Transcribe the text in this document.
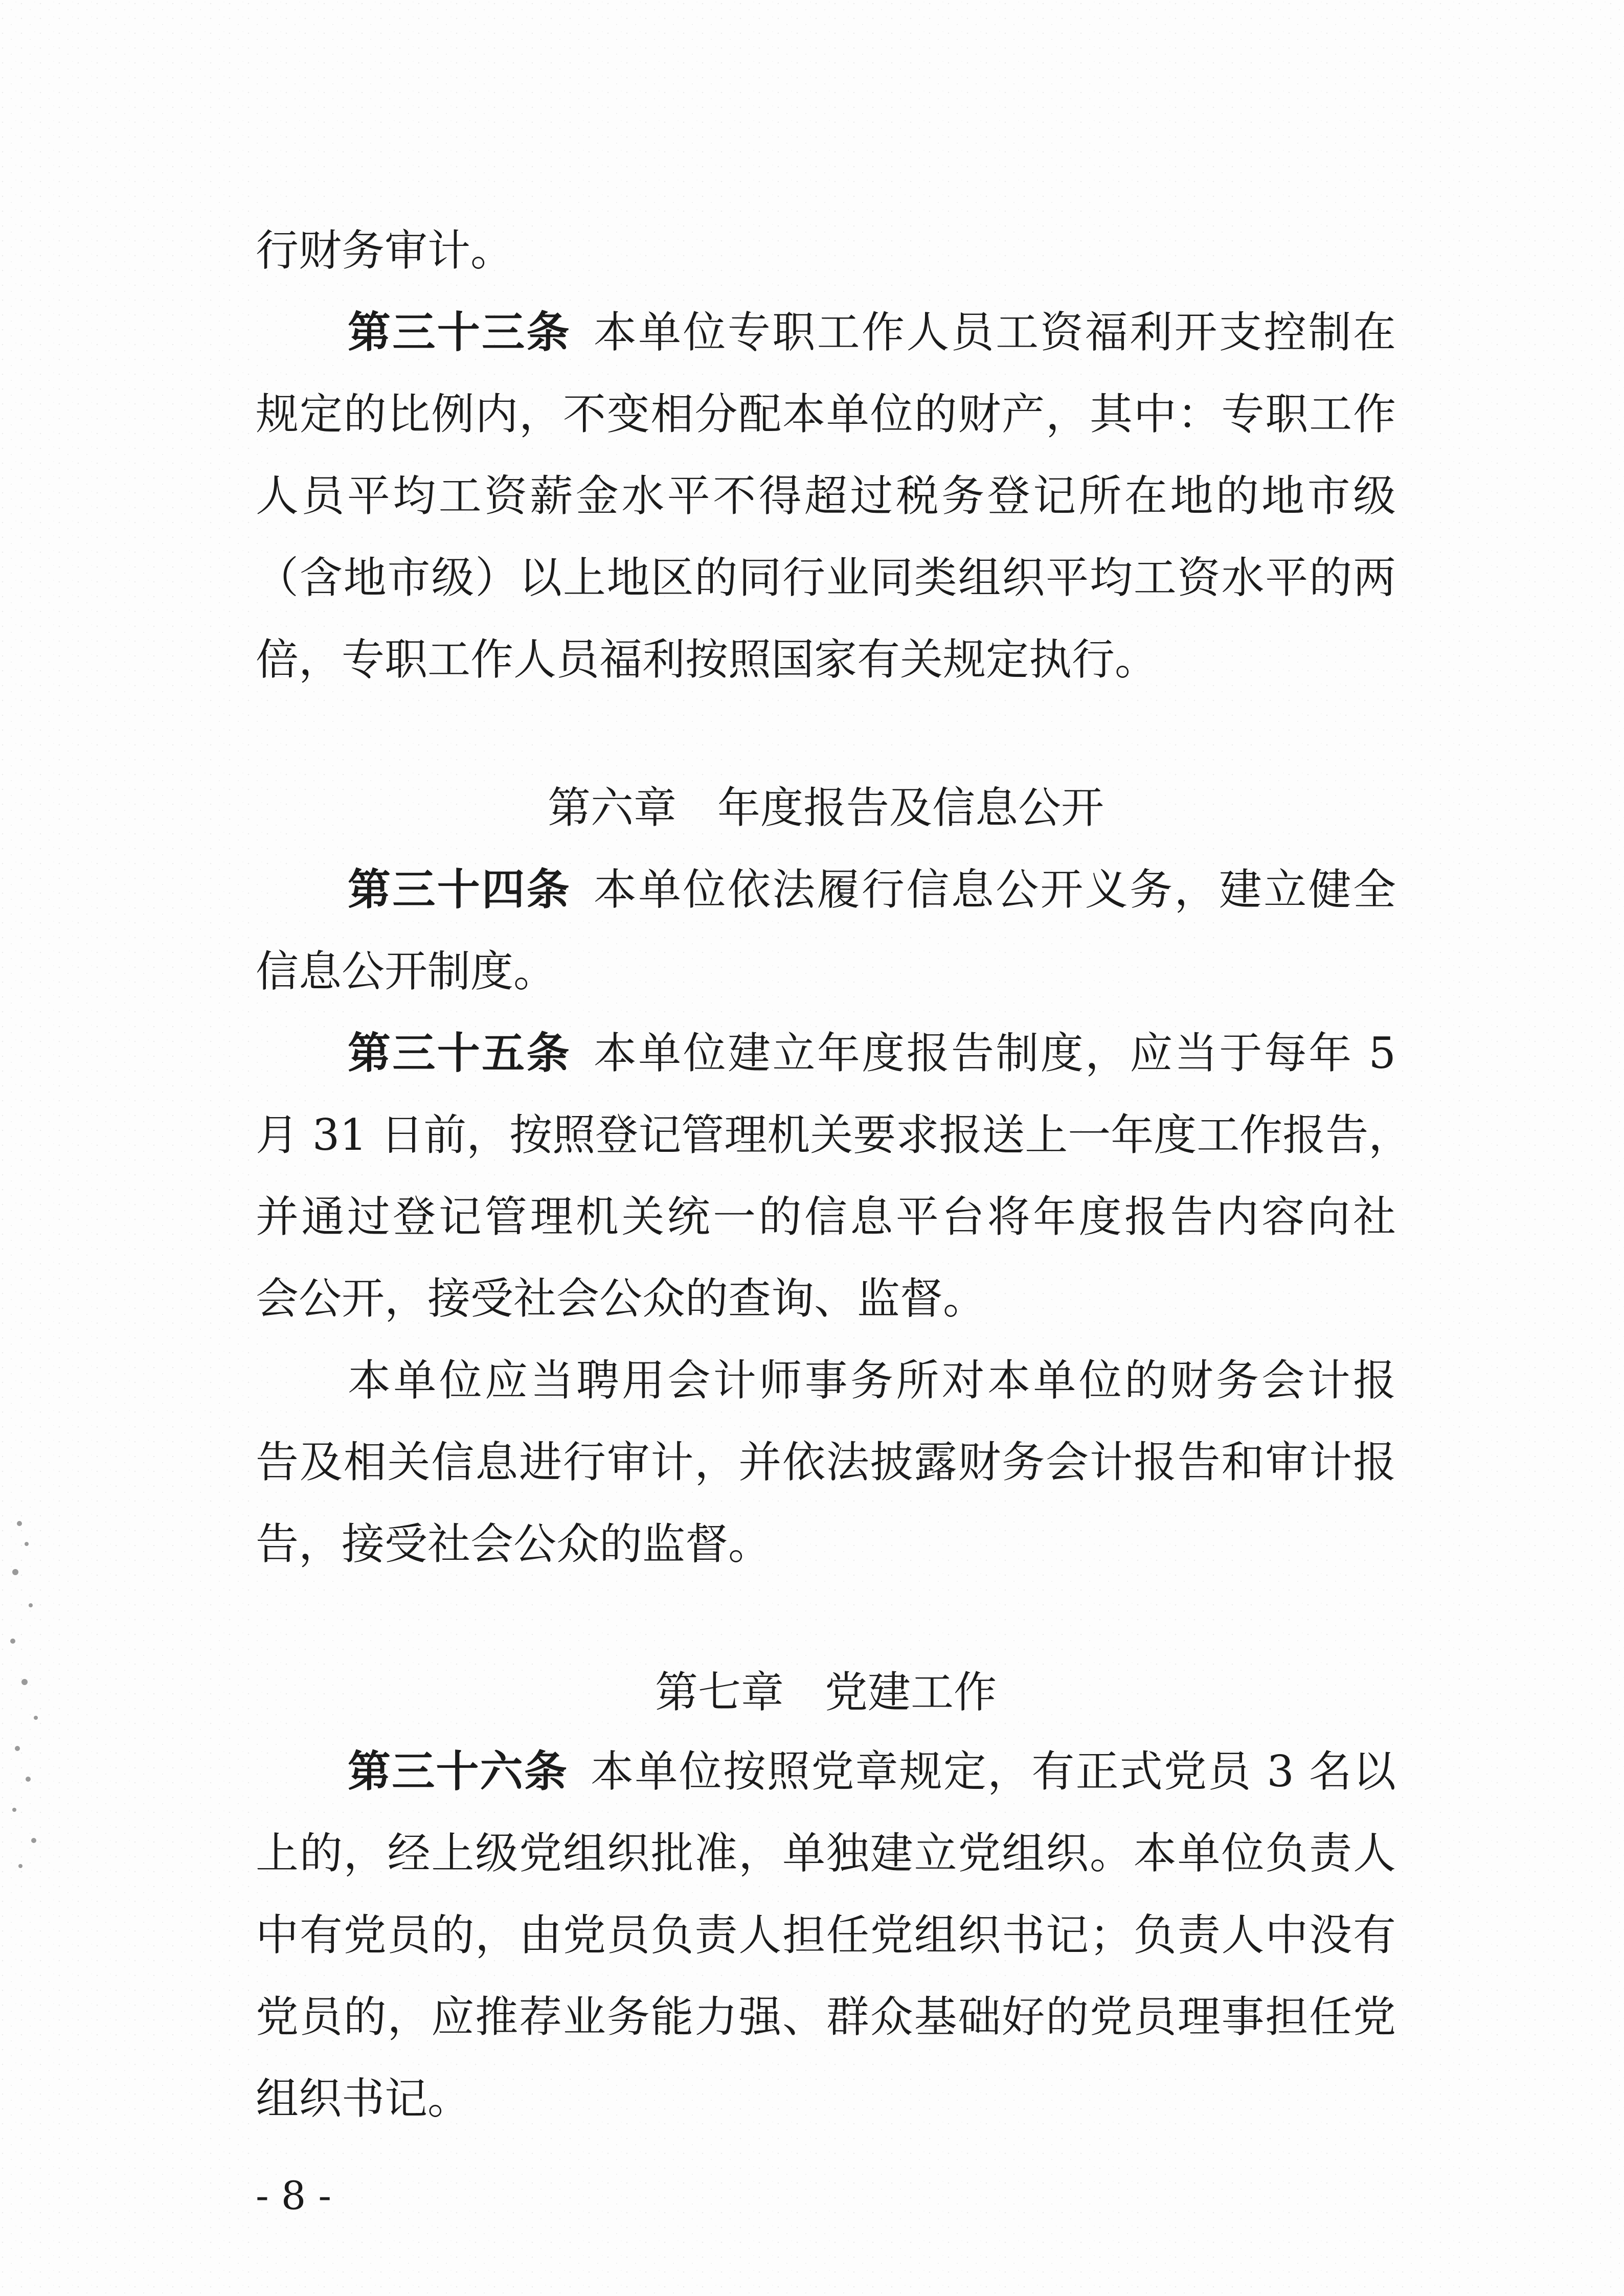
行财务审计。
第三十三条 本单位专职工作人员工资福利开支控制在
规定的比例内，不变相分配本单位的财产，其中：专职工作
人员平均工资薪金水平不得超过税务登记所在地的地市级
（含地市级）以上地区的同行业同类组织平均工资水平的两
倍，专职工作人员福利按照国家有关规定执行。
第六章 年度报告及信息公开
第三十四条 本单位依法履行信息公开义务，建立健全
信息公开制度。
第三十五条 本单位建立年度报告制度，应当于每年 5
月 31 日前，按照登记管理机关要求报送上一年度工作报告，
并通过登记管理机关统一的信息平台将年度报告内容向社
会公开，接受社会公众的查询、监督。
本单位应当聘用会计师事务所对本单位的财务会计报
告及相关信息进行审计，并依法披露财务会计报告和审计报
告，接受社会公众的监督。
第七章 党建工作
第三十六条 本单位按照党章规定，有正式党员 3 名以
上的，经上级党组织批准，单独建立党组织。本单位负责人
中有党员的，由党员负责人担任党组织书记；负责人中没有
党员的，应推荐业务能力强、群众基础好的党员理事担任党
组织书记。
- 8 -
